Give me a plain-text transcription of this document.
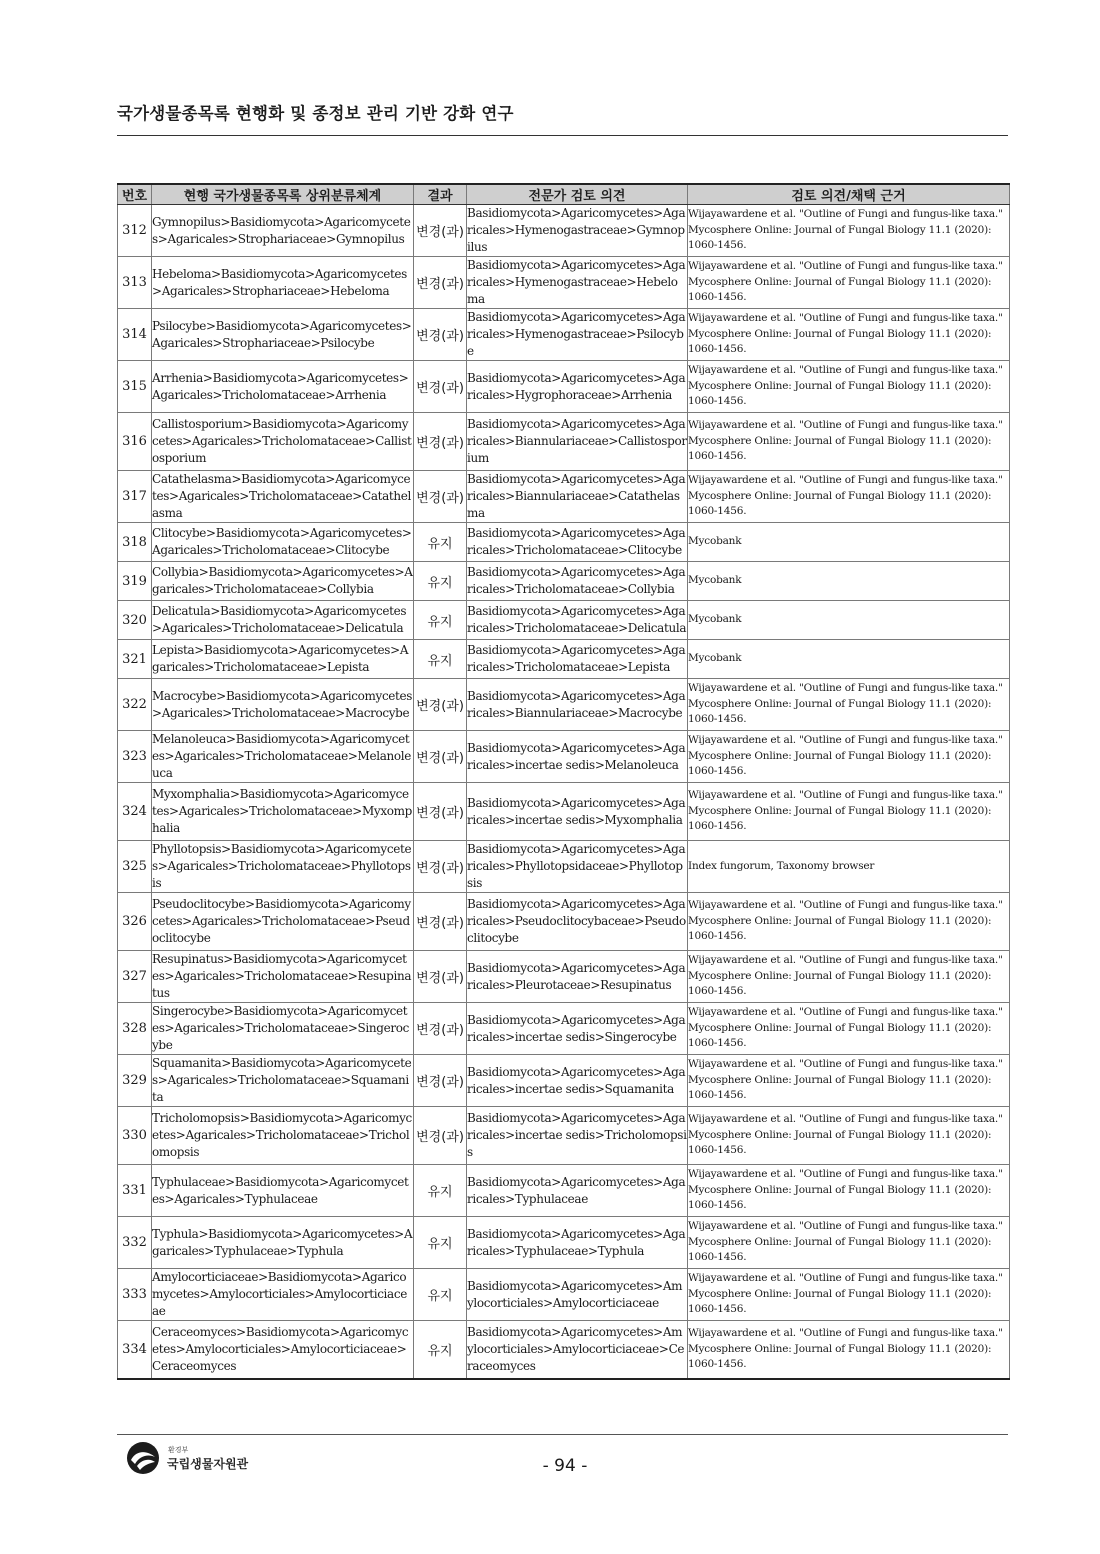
국가생물종목록 현행화 및 종정보 관리 기반 강화 연구
번호	현행 국가생물종목록 상위분류체계	결과	전문가 검토 의견	검토 의견/채택 근거
312	Gymnopilus>Basidiomycota>Agaricomycetes>Agaricales>Strophariaceae>Gymnopilus	변경(과)	Basidiomycota>Agaricomycetes>Agaricales>Hymenogastraceae>Gymnopilus	Wijayawardene et al. "Outline of Fungi and fungus-like taxa." Mycosphere Online: Journal of Fungal Biology 11.1 (2020): 1060-1456.
313	Hebeloma>Basidiomycota>Agaricomycetes>Agaricales>Strophariaceae>Hebeloma	변경(과)	Basidiomycota>Agaricomycetes>Agaricales>Hymenogastraceae>Hebeloma	Wijayawardene et al. "Outline of Fungi and fungus-like taxa." Mycosphere Online: Journal of Fungal Biology 11.1 (2020): 1060-1456.
314	Psilocybe>Basidiomycota>Agaricomycetes>Agaricales>Strophariaceae>Psilocybe	변경(과)	Basidiomycota>Agaricomycetes>Agaricales>Hymenogastraceae>Psilocybe	Wijayawardene et al. "Outline of Fungi and fungus-like taxa." Mycosphere Online: Journal of Fungal Biology 11.1 (2020): 1060-1456.
315	Arrhenia>Basidiomycota>Agaricomycetes>Agaricales>Tricholomataceae>Arrhenia	변경(과)	Basidiomycota>Agaricomycetes>Agaricales>Hygrophoraceae>Arrhenia	Wijayawardene et al. "Outline of Fungi and fungus-like taxa." Mycosphere Online: Journal of Fungal Biology 11.1 (2020): 1060-1456.
316	Callistosporium>Basidiomycota>Agaricomycetes>Agaricales>Tricholomataceae>Callistosporium	변경(과)	Basidiomycota>Agaricomycetes>Agaricales>Biannulariaceae>Callistosporium	Wijayawardene et al. "Outline of Fungi and fungus-like taxa." Mycosphere Online: Journal of Fungal Biology 11.1 (2020): 1060-1456.
317	Catathelasma>Basidiomycota>Agaricomycetes>Agaricales>Tricholomataceae>Catathelasma	변경(과)	Basidiomycota>Agaricomycetes>Agaricales>Biannulariaceae>Catathelasma	Wijayawardene et al. "Outline of Fungi and fungus-like taxa." Mycosphere Online: Journal of Fungal Biology 11.1 (2020): 1060-1456.
318	Clitocybe>Basidiomycota>Agaricomycetes>Agaricales>Tricholomataceae>Clitocybe	유지	Basidiomycota>Agaricomycetes>Agaricales>Tricholomataceae>Clitocybe	Mycobank
319	Collybia>Basidiomycota>Agaricomycetes>Agaricales>Tricholomataceae>Collybia	유지	Basidiomycota>Agaricomycetes>Agaricales>Tricholomataceae>Collybia	Mycobank
320	Delicatula>Basidiomycota>Agaricomycetes>Agaricales>Tricholomataceae>Delicatula	유지	Basidiomycota>Agaricomycetes>Agaricales>Tricholomataceae>Delicatula	Mycobank
321	Lepista>Basidiomycota>Agaricomycetes>Agaricales>Tricholomataceae>Lepista	유지	Basidiomycota>Agaricomycetes>Agaricales>Tricholomataceae>Lepista	Mycobank
322	Macrocybe>Basidiomycota>Agaricomycetes>Agaricales>Tricholomataceae>Macrocybe	변경(과)	Basidiomycota>Agaricomycetes>Agaricales>Biannulariaceae>Macrocybe	Wijayawardene et al. "Outline of Fungi and fungus-like taxa." Mycosphere Online: Journal of Fungal Biology 11.1 (2020): 1060-1456.
323	Melanoleuca>Basidiomycota>Agaricomycetes>Agaricales>Tricholomataceae>Melanoleuca	변경(과)	Basidiomycota>Agaricomycetes>Agaricales>incertae sedis>Melanoleuca	Wijayawardene et al. "Outline of Fungi and fungus-like taxa." Mycosphere Online: Journal of Fungal Biology 11.1 (2020): 1060-1456.
324	Myxomphalia>Basidiomycota>Agaricomycetes>Agaricales>Tricholomataceae>Myxomphalia	변경(과)	Basidiomycota>Agaricomycetes>Agaricales>incertae sedis>Myxomphalia	Wijayawardene et al. "Outline of Fungi and fungus-like taxa." Mycosphere Online: Journal of Fungal Biology 11.1 (2020): 1060-1456.
325	Phyllotopsis>Basidiomycota>Agaricomycetes>Agaricales>Tricholomataceae>Phyllotopsis	변경(과)	Basidiomycota>Agaricomycetes>Agaricales>Phyllotopsidaceae>Phyllotopsis	Index fungorum, Taxonomy browser
326	Pseudoclitocybe>Basidiomycota>Agaricomycetes>Agaricales>Tricholomataceae>Pseudoclitocybe	변경(과)	Basidiomycota>Agaricomycetes>Agaricales>Pseudoclitocybaceae>Pseudoclitocybe	Wijayawardene et al. "Outline of Fungi and fungus-like taxa." Mycosphere Online: Journal of Fungal Biology 11.1 (2020): 1060-1456.
327	Resupinatus>Basidiomycota>Agaricomycetes>Agaricales>Tricholomataceae>Resupinatus	변경(과)	Basidiomycota>Agaricomycetes>Agaricales>Pleurotaceae>Resupinatus	Wijayawardene et al. "Outline of Fungi and fungus-like taxa." Mycosphere Online: Journal of Fungal Biology 11.1 (2020): 1060-1456.
328	Singerocybe>Basidiomycota>Agaricomycetes>Agaricales>Tricholomataceae>Singerocybe	변경(과)	Basidiomycota>Agaricomycetes>Agaricales>incertae sedis>Singerocybe	Wijayawardene et al. "Outline of Fungi and fungus-like taxa." Mycosphere Online: Journal of Fungal Biology 11.1 (2020): 1060-1456.
329	Squamanita>Basidiomycota>Agaricomycetes>Agaricales>Tricholomataceae>Squamanita	변경(과)	Basidiomycota>Agaricomycetes>Agaricales>incertae sedis>Squamanita	Wijayawardene et al. "Outline of Fungi and fungus-like taxa." Mycosphere Online: Journal of Fungal Biology 11.1 (2020): 1060-1456.
330	Tricholomopsis>Basidiomycota>Agaricomycetes>Agaricales>Tricholomataceae>Tricholomopsis	변경(과)	Basidiomycota>Agaricomycetes>Agaricales>incertae sedis>Tricholomopsis	Wijayawardene et al. "Outline of Fungi and fungus-like taxa." Mycosphere Online: Journal of Fungal Biology 11.1 (2020): 1060-1456.
331	Typhulaceae>Basidiomycota>Agaricomycetes>Agaricales>Typhulaceae	유지	Basidiomycota>Agaricomycetes>Agaricales>Typhulaceae	Wijayawardene et al. "Outline of Fungi and fungus-like taxa." Mycosphere Online: Journal of Fungal Biology 11.1 (2020): 1060-1456.
332	Typhula>Basidiomycota>Agaricomycetes>Agaricales>Typhulaceae>Typhula	유지	Basidiomycota>Agaricomycetes>Agaricales>Typhulaceae>Typhula	Wijayawardene et al. "Outline of Fungi and fungus-like taxa." Mycosphere Online: Journal of Fungal Biology 11.1 (2020): 1060-1456.
333	Amylocorticiaceae>Basidiomycota>Agaricomycetes>Amylocorticiales>Amylocorticiaceae	유지	Basidiomycota>Agaricomycetes>Amylocorticiales>Amylocorticiaceae	Wijayawardene et al. "Outline of Fungi and fungus-like taxa." Mycosphere Online: Journal of Fungal Biology 11.1 (2020): 1060-1456.
334	Ceraceomyces>Basidiomycota>Agaricomycetes>Amylocorticiales>Amylocorticiaceae>Ceraceomyces	유지	Basidiomycota>Agaricomycetes>Amylocorticiales>Amylocorticiaceae>Ceraceomyces	Wijayawardene et al. "Outline of Fungi and fungus-like taxa." Mycosphere Online: Journal of Fungal Biology 11.1 (2020): 1060-1456.
환경부
국립생물자원관	- 94 -
